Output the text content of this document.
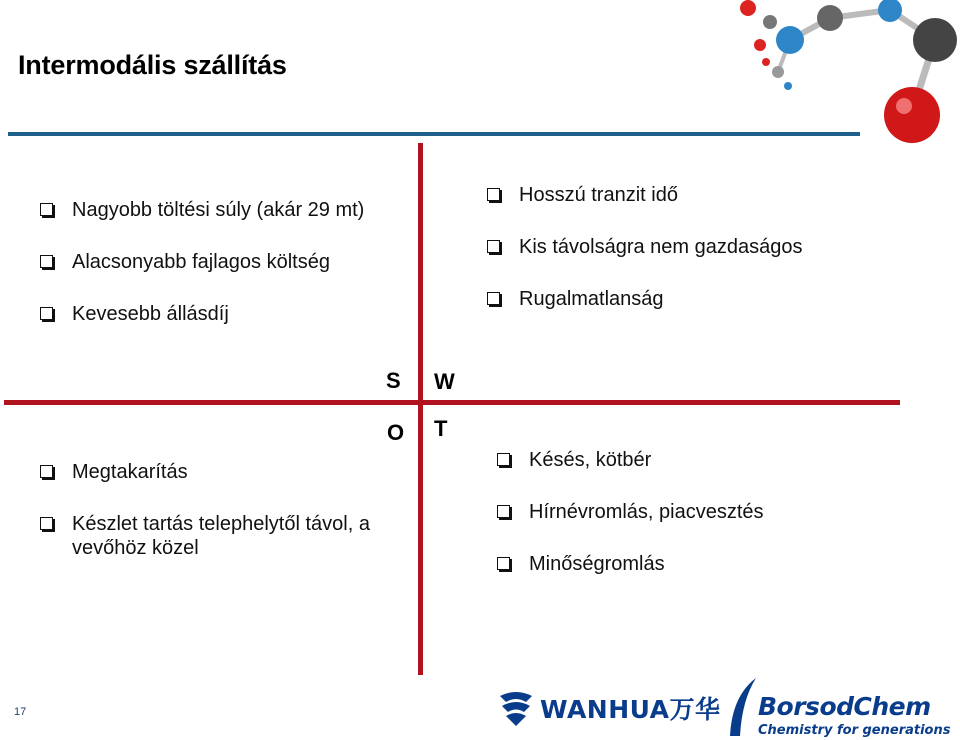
Intermodális szállítás
S W
O T
Nagyobb töltési súly (akár 29 mt)
Alacsonyabb fajlagos költség
Kevesebb állásdíj
Hosszú tranzit idő
Kis távolságra nem gazdaságos
Rugalmatlanság
Megtakarítás
Készlet tartás telephelytől távol, a vevőhöz közel
Késés, kötbér
Hírnévromlás, piacvesztés
Minőségromlás
17	WANHUA万华 BorsodChem
Chemistry for generations
